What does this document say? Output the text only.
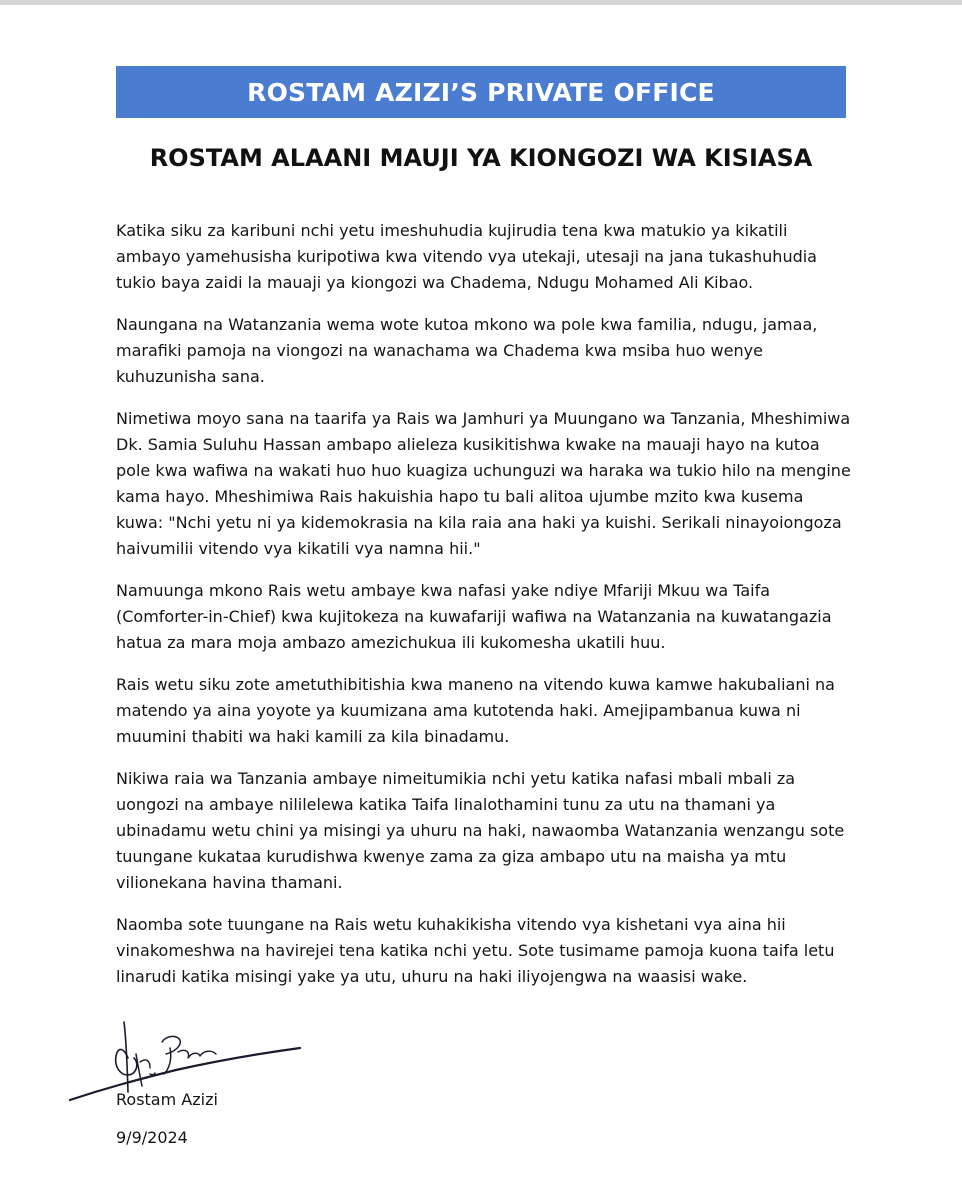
ROSTAM AZIZI’S PRIVATE OFFICE
ROSTAM ALAANI MAUJI YA KIONGOZI WA KISIASA

Katika siku za karibuni nchi yetu imeshuhudia kujirudia tena kwa matukio ya kikatili ambayo yamehusisha kuripotiwa kwa vitendo vya utekaji, utesaji na jana tukashuhudia tukio baya zaidi la mauaji ya kiongozi wa Chadema, Ndugu Mohamed Ali Kibao.

Naungana na Watanzania wema wote kutoa mkono wa pole kwa familia, ndugu, jamaa, marafiki pamoja na viongozi na wanachama wa Chadema kwa msiba huo wenye kuhuzunisha sana.

Nimetiwa moyo sana na taarifa ya Rais wa Jamhuri ya Muungano wa Tanzania, Mheshimiwa Dk. Samia Suluhu Hassan ambapo alieleza kusikitishwa kwake na mauaji hayo na kutoa pole kwa wafiwa na wakati huo huo kuagiza uchunguzi wa haraka wa tukio hilo na mengine kama hayo. Mheshimiwa Rais hakuishia hapo tu bali alitoa ujumbe mzito kwa kusema kuwa: "Nchi yetu ni ya kidemokrasia na kila raia ana haki ya kuishi. Serikali ninayoiongoza haivumilii vitendo vya kikatili vya namna hii."

Namuunga mkono Rais wetu ambaye kwa nafasi yake ndiye Mfariji Mkuu wa Taifa (Comforter-in-Chief) kwa kujitokeza na kuwafariji wafiwa na Watanzania na kuwatangazia hatua za mara moja ambazo amezichukua ili kukomesha ukatili huu.

Rais wetu siku zote ametuthibitishia kwa maneno na vitendo kuwa kamwe hakubaliani na matendo ya aina yoyote ya kuumizana ama kutotenda haki. Amejipambanua kuwa ni muumini thabiti wa haki kamili za kila binadamu.

Nikiwa raia wa Tanzania ambaye nimeitumikia nchi yetu katika nafasi mbali mbali za uongozi na ambaye nililelewa katika Taifa linalothamini tunu za utu na thamani ya ubinadamu wetu chini ya misingi ya uhuru na haki, nawaomba Watanzania wenzangu sote tuungane kukataa kurudishwa kwenye zama za giza ambapo utu na maisha ya mtu vilionekana havina thamani.

Naomba sote tuungane na Rais wetu kuhakikisha vitendo vya kishetani vya aina hii vinakomeshwa na havirejei tena katika nchi yetu. Sote tusimame pamoja kuona taifa letu linarudi katika misingi yake ya utu, uhuru na haki iliyojengwa na waasisi wake.

Rostam Azizi
9/9/2024
